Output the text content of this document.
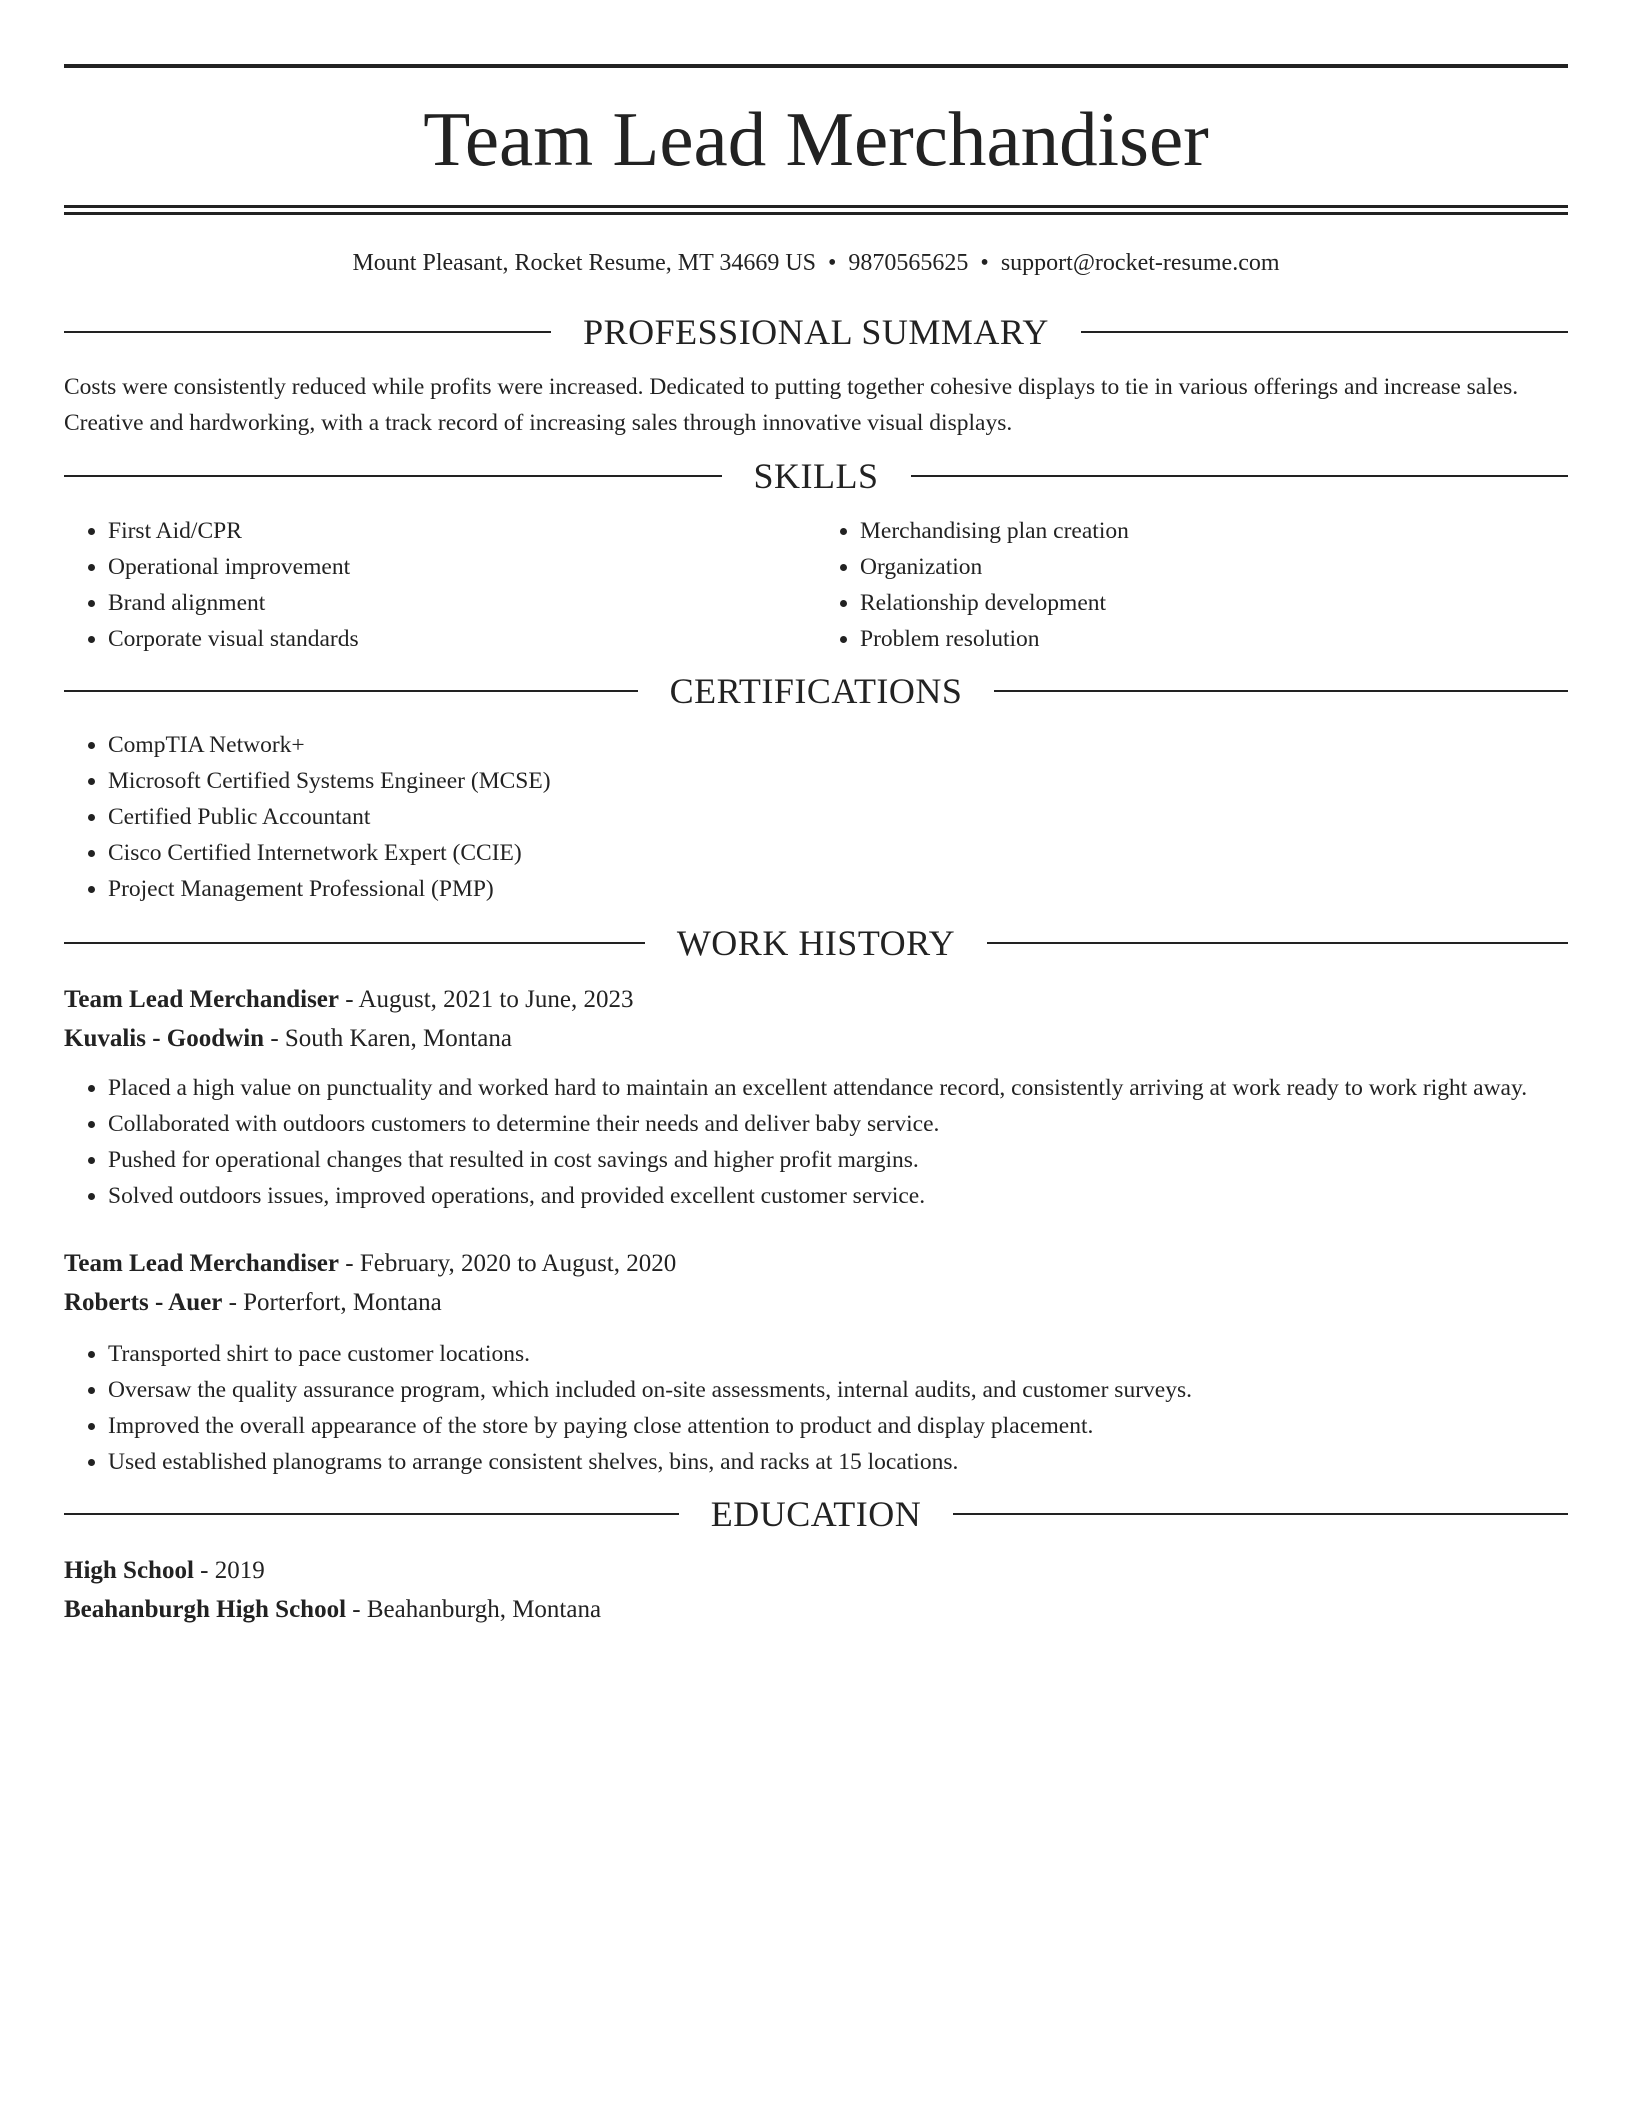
Team Lead Merchandiser
Mount Pleasant, Rocket Resume, MT 34669 US • 9870565625 • support@rocket-resume.com
PROFESSIONAL SUMMARY

Costs were consistently reduced while profits were increased. Dedicated to putting together cohesive displays to tie in various offerings and increase sales. Creative and hardworking, with a track record of increasing sales through innovative visual displays.

SKILLS
• First Aid/CPR
• Operational improvement
• Brand alignment
• Corporate visual standards
• Merchandising plan creation
• Organization
• Relationship development
• Problem resolution
CERTIFICATIONS
• CompTIA Network+
• Microsoft Certified Systems Engineer (MCSE)
• Certified Public Accountant
• Cisco Certified Internetwork Expert (CCIE)
• Project Management Professional (PMP)
WORK HISTORY

Team Lead Merchandiser - August, 2021 to June, 2023

Kuvalis - Goodwin - South Karen, Montana

• Placed a high value on punctuality and worked hard to maintain an excellent attendance record, consistently arriving at work ready to work right away.
• Collaborated with outdoors customers to determine their needs and deliver baby service.
• Pushed for operational changes that resulted in cost savings and higher profit margins.
• Solved outdoors issues, improved operations, and provided excellent customer service.

Team Lead Merchandiser - February, 2020 to August, 2020

Roberts - Auer - Porterfort, Montana

• Transported shirt to pace customer locations.
• Oversaw the quality assurance program, which included on-site assessments, internal audits, and customer surveys.
• Improved the overall appearance of the store by paying close attention to product and display placement.
• Used established planograms to arrange consistent shelves, bins, and racks at 15 locations.
EDUCATION

High School - 2019

Beahanburgh High School - Beahanburgh, Montana
